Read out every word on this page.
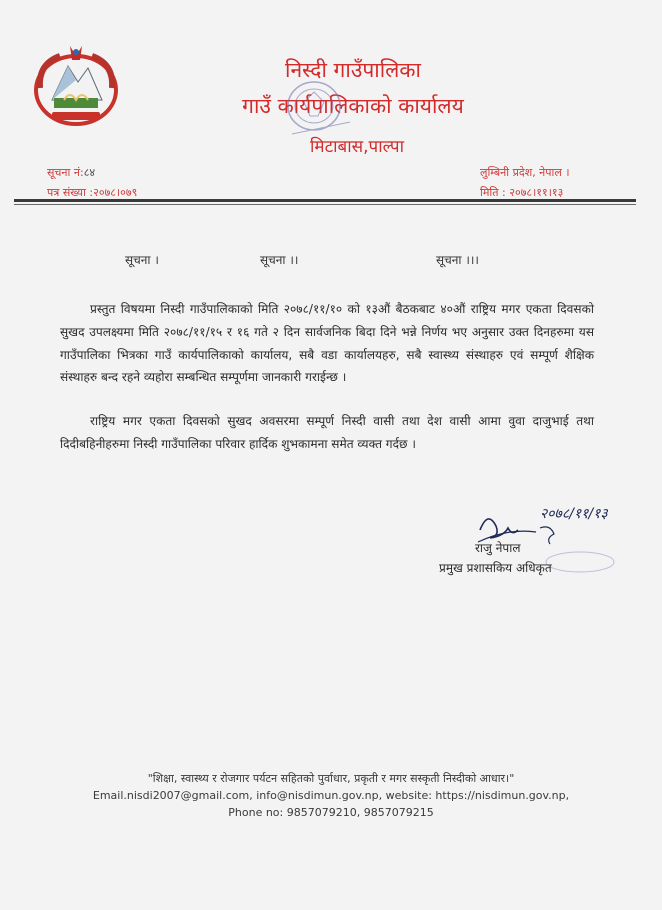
निस्दी गाउँपालिका
गाउँ कार्यपालिकाको कार्यालय
मिटाबास,पाल्पा
सूचना नं:८४
पत्र संख्या :२०७८।०७९
लुम्बिनी प्रदेश, नेपाल ।
मिति : २०७८।११।१३
सूचना ।	सूचना ।।	सूचना ।।।

प्रस्तुत विषयमा निस्दी गाउँपालिकाको मिति २०७८/११/१० को १३औं बैठकबाट ४०औं राष्ट्रिय मगर एकता दिवसको सुखद उपलक्ष्यमा मिति २०७८/११/१५ र १६ गते २ दिन सार्वजनिक बिदा दिने भन्ने निर्णय भए अनुसार उक्त दिनहरुमा यस गाउँपालिका भित्रका गाउँ कार्यपालिकाको कार्यालय, सबै वडा कार्यालयहरु, सबै स्वास्थ्य संस्थाहरु एवं सम्पूर्ण शैक्षिक संस्थाहरु बन्द रहने व्यहोरा सम्बन्धित सम्पूर्णमा जानकारी गराईन्छ ।

राष्ट्रिय मगर एकता दिवसको सुखद अवसरमा सम्पूर्ण निस्दी वासी तथा देश वासी आमा वुवा दाजुभाई तथा दिदीबहिनीहरुमा निस्दी गाउँपालिका परिवार हार्दिक शुभकामना समेत व्यक्त गर्दछ ।

२०७८/११/१३
राजु नेपाल
प्रमुख प्रशासकिय अधिकृत
"शिक्षा, स्वास्थ्य र रोजगार पर्यटन सहितको पुर्वाधार, प्रकृती र मगर सस्कृती निस्दीको आधार।"
Email.nisdi2007@gmail.com, info@nisdimun.gov.np, website: https://nisdimun.gov.np,
Phone no: 9857079210, 9857079215
